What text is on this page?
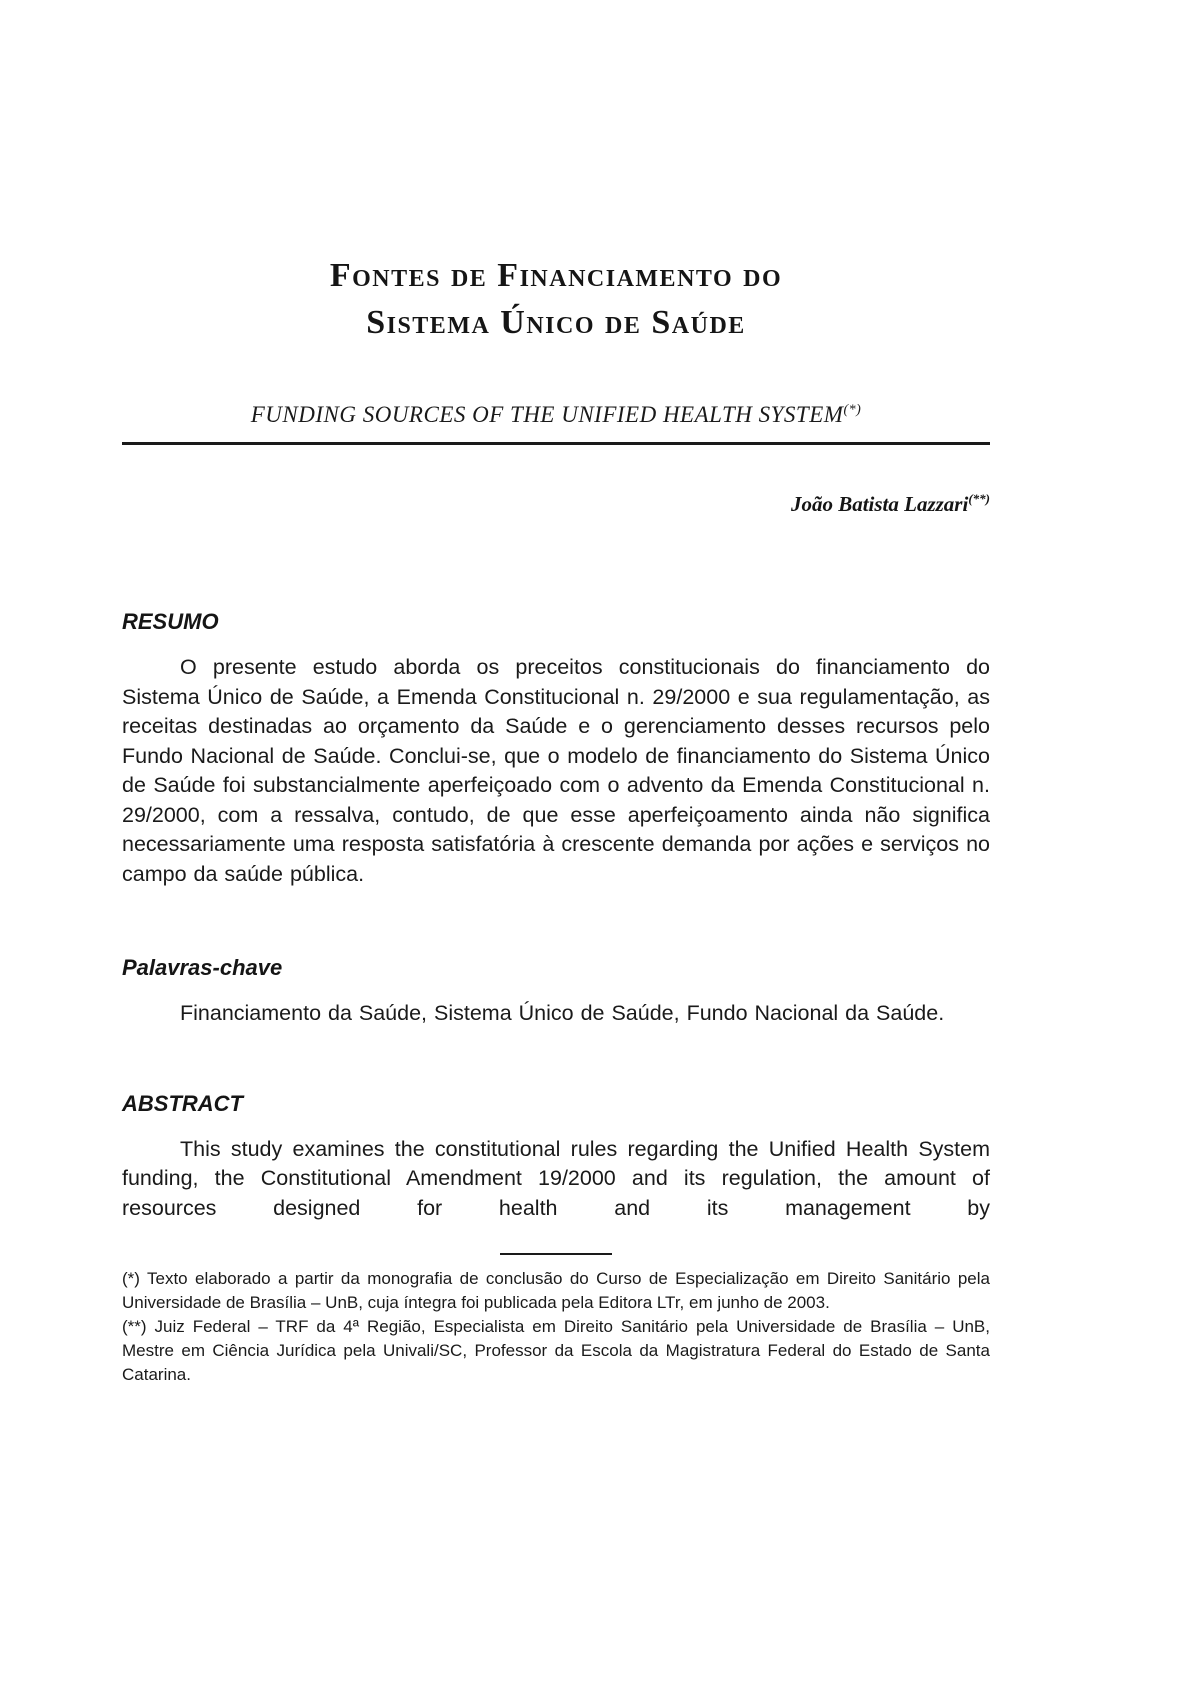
Fontes de Financiamento do
Sistema Único de Saúde
FUNDING SOURCES OF THE UNIFIED HEALTH SYSTEM(*)
João Batista Lazzari(**)
RESUMO

O presente estudo aborda os preceitos constitucionais do financiamento do Sistema Único de Saúde, a Emenda Constitucional n. 29/2000 e sua regulamentação, as receitas destinadas ao orçamento da Saúde e o gerenciamento desses recursos pelo Fundo Nacional de Saúde. Conclui-se, que o modelo de financiamento do Sistema Único de Saúde foi substancialmente aperfeiçoado com o advento da Emenda Constitucional n. 29/2000, com a ressalva, contudo, de que esse aperfeiçoamento ainda não significa necessariamente uma resposta satisfatória à crescente demanda por ações e serviços no campo da saúde pública.

Palavras-chave

Financiamento da Saúde, Sistema Único de Saúde, Fundo Nacional da Saúde.

ABSTRACT

This study examines the constitutional rules regarding the Unified Health System funding, the Constitutional Amendment 19/2000 and its regulation, the amount of resources designed for health and its management by

(*) Texto elaborado a partir da monografia de conclusão do Curso de Especialização em Direito Sanitário pela Universidade de Brasília – UnB, cuja íntegra foi publicada pela Editora LTr, em junho de 2003.

(**) Juiz Federal – TRF da 4ª Região, Especialista em Direito Sanitário pela Universidade de Brasília – UnB, Mestre em Ciência Jurídica pela Univali/SC, Professor da Escola da Magistratura Federal do Estado de Santa Catarina.
